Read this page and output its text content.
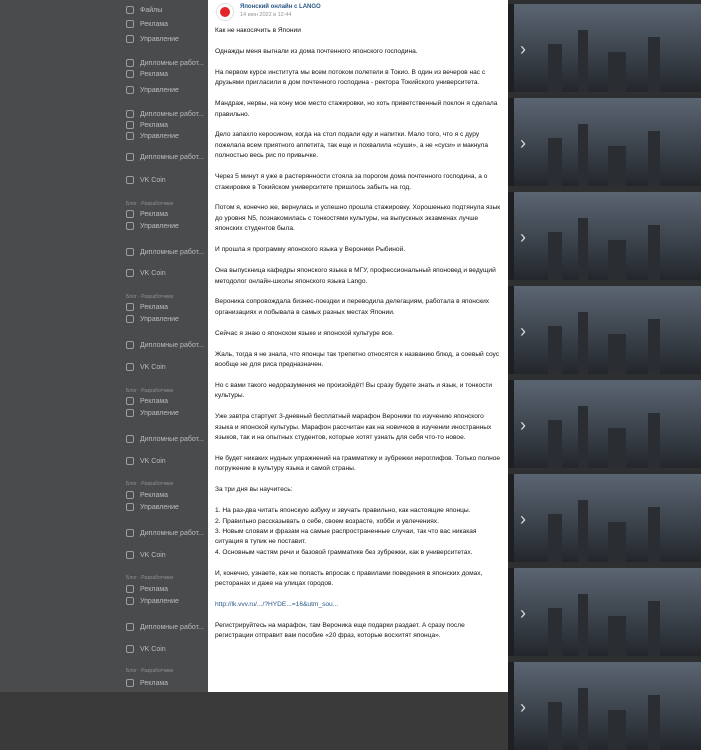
Файлы
Реклама
Управление
Дипломные работ...
Реклама
Управление
Дипломные работ...
Реклама
Управление
Дипломные работ...
VK Coin
Реклама
Управление
Дипломные работ...
VK Coin
Реклама
Управление
Дипломные работ...
VK Coin
Реклама
Управление
Дипломные работ...
VK Coin
Реклама
Управление
Дипломные работ...
VK Coin
Реклама
Управление
Дипломные работ...
VK Coin
Реклама
Блог · Разработчики
Блог · Разработчики
Блог · Разработчики
Блог · Разработчики
Блог · Разработчики
Блог · Разработчики
›
›
›
›
›
›
›
›
Японский онлайн с LANGO
14 июн 2022 в 12:44

Как не накосячить в Японии

Однажды меня выгнали из дома почтенного японского господина.

На первом курсе института мы всем потоком полетели в Токио. В один из вечеров нас с друзьями пригласили в дом почтенного господина - ректора Токийского университета.

Мандраж, нервы, на кону мое место стажировки, но хоть приветственный поклон я сделала правильно.

Дело запахло керосином, когда на стол подали еду и напитки. Мало того, что я с дуру пожелала всем приятного аппетита, так еще и похвалила «суши», а не «суси» и макнула полностью весь рис по привычке.

Через 5 минут я уже в растерянности стояла за порогом дома почтенного господина, а о стажировке в Токийском университете пришлось забыть на год.

Потом я, конечно же, вернулась и успешно прошла стажировку. Хорошенько подтянула язык до уровня N5, познакомилась с тонкостями культуры, на выпускных экзаменах лучше японских студентов была.

И прошла я программу японского языка у Вероники Рыбиной.

Она выпускница кафедры японского языка в МГУ, профессиональный японовед и ведущий методолог онлайн-школы японского языка Lango.

Вероника сопровождала бизнес-поездки и переводила делегациям, работала в японских организациях и побывала в самых разных местах Японии.

Сейчас я знаю о японском языке и японской культуре все.

Жаль, тогда я не знала, что японцы так трепетно относятся к названию блюд, а соевый соус вообще не для риса предназначен.

Но с вами такого недоразумения не произойдёт! Вы сразу будете знать и язык, и тонкости культуры.

Уже завтра стартует 3-дневный бесплатный марафон Вероники по изучению японского языка и японской культуры. Марафон рассчитан как на новичков в изучении иностранных языков, так и на опытных студентов, которые хотят узнать для себя что-то новое.

Не будет никаких нудных упражнений на грамматику и зубрежки иероглифов. Только полное погружение в культуру языка и самой страны.

За три дня вы научитесь:

1. На раз-два читать японскую азбуку и звучать правильно, как настоящие японцы.
2. Правильно рассказывать о себе, своем возрасте, хобби и увлечениях.
3. Новым словам и фразам на самые распространенные случаи, так что вас никакая ситуация в тупик не поставит.
4. Основным частям речи и базовой грамматике без зубрежки, как в университетах.

И, конечно, узнаете, как не попасть впросак с правилами поведения в японских домах, ресторанах и даже на улицах городов.

http://lk.vvv.ru/.../?HYDE...=16&utm_sou...

Регистрируйтесь на марафон, там Вероника еще подарки раздает. А сразу после регистрации отправит вам пособие «20 фраз, которые восхитят японца».
